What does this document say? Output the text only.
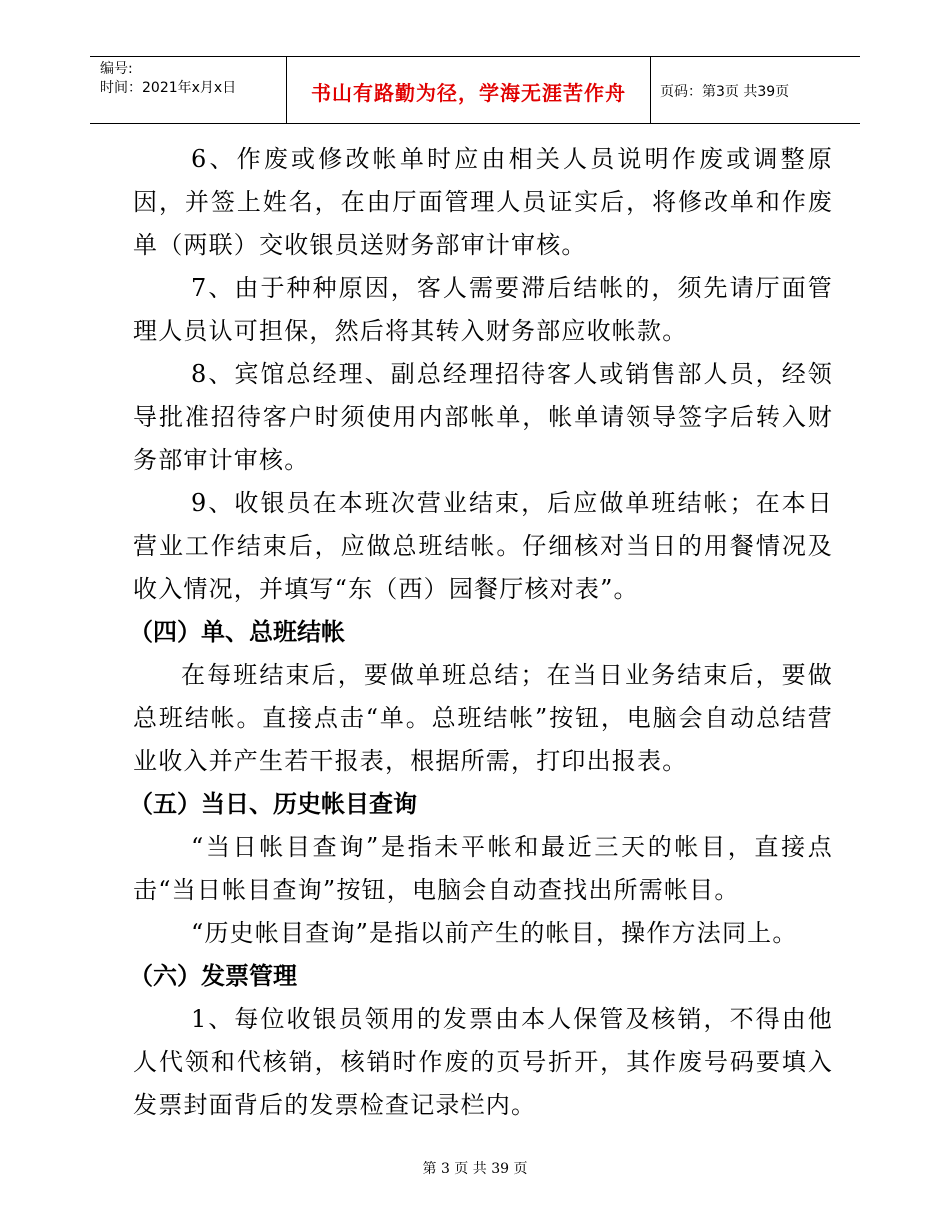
编号:
时间：2021年x月x日	书山有路勤为径，学海无涯苦作舟	页码：第3页 共39页

6、作废或修改帐单时应由相关人员说明作废或调整原因，并签上姓名，在由厅面管理人员证实后，将修改单和作废单（两联）交收银员送财务部审计审核。

7、由于种种原因，客人需要滞后结帐的，须先请厅面管理人员认可担保，然后将其转入财务部应收帐款。

8、宾馆总经理、副总经理招待客人或销售部人员，经领导批准招待客户时须使用内部帐单，帐单请领导签字后转入财务部审计审核。

9、收银员在本班次营业结束，后应做单班结帐；在本日营业工作结束后，应做总班结帐。仔细核对当日的用餐情况及收入情况，并填写“东（西）园餐厅核对表”。

（四）单、总班结帐

在每班结束后，要做单班总结；在当日业务结束后，要做总班结帐。直接点击“单。总班结帐”按钮，电脑会自动总结营业收入并产生若干报表，根据所需，打印出报表。

（五）当日、历史帐目查询

“当日帐目查询”是指未平帐和最近三天的帐目，直接点击“当日帐目查询”按钮，电脑会自动查找出所需帐目。

“历史帐目查询”是指以前产生的帐目，操作方法同上。

（六）发票管理

1、每位收银员领用的发票由本人保管及核销，不得由他人代领和代核销，核销时作废的页号折开，其作废号码要填入发票封面背后的发票检查记录栏内。

第 3 页 共 39 页
